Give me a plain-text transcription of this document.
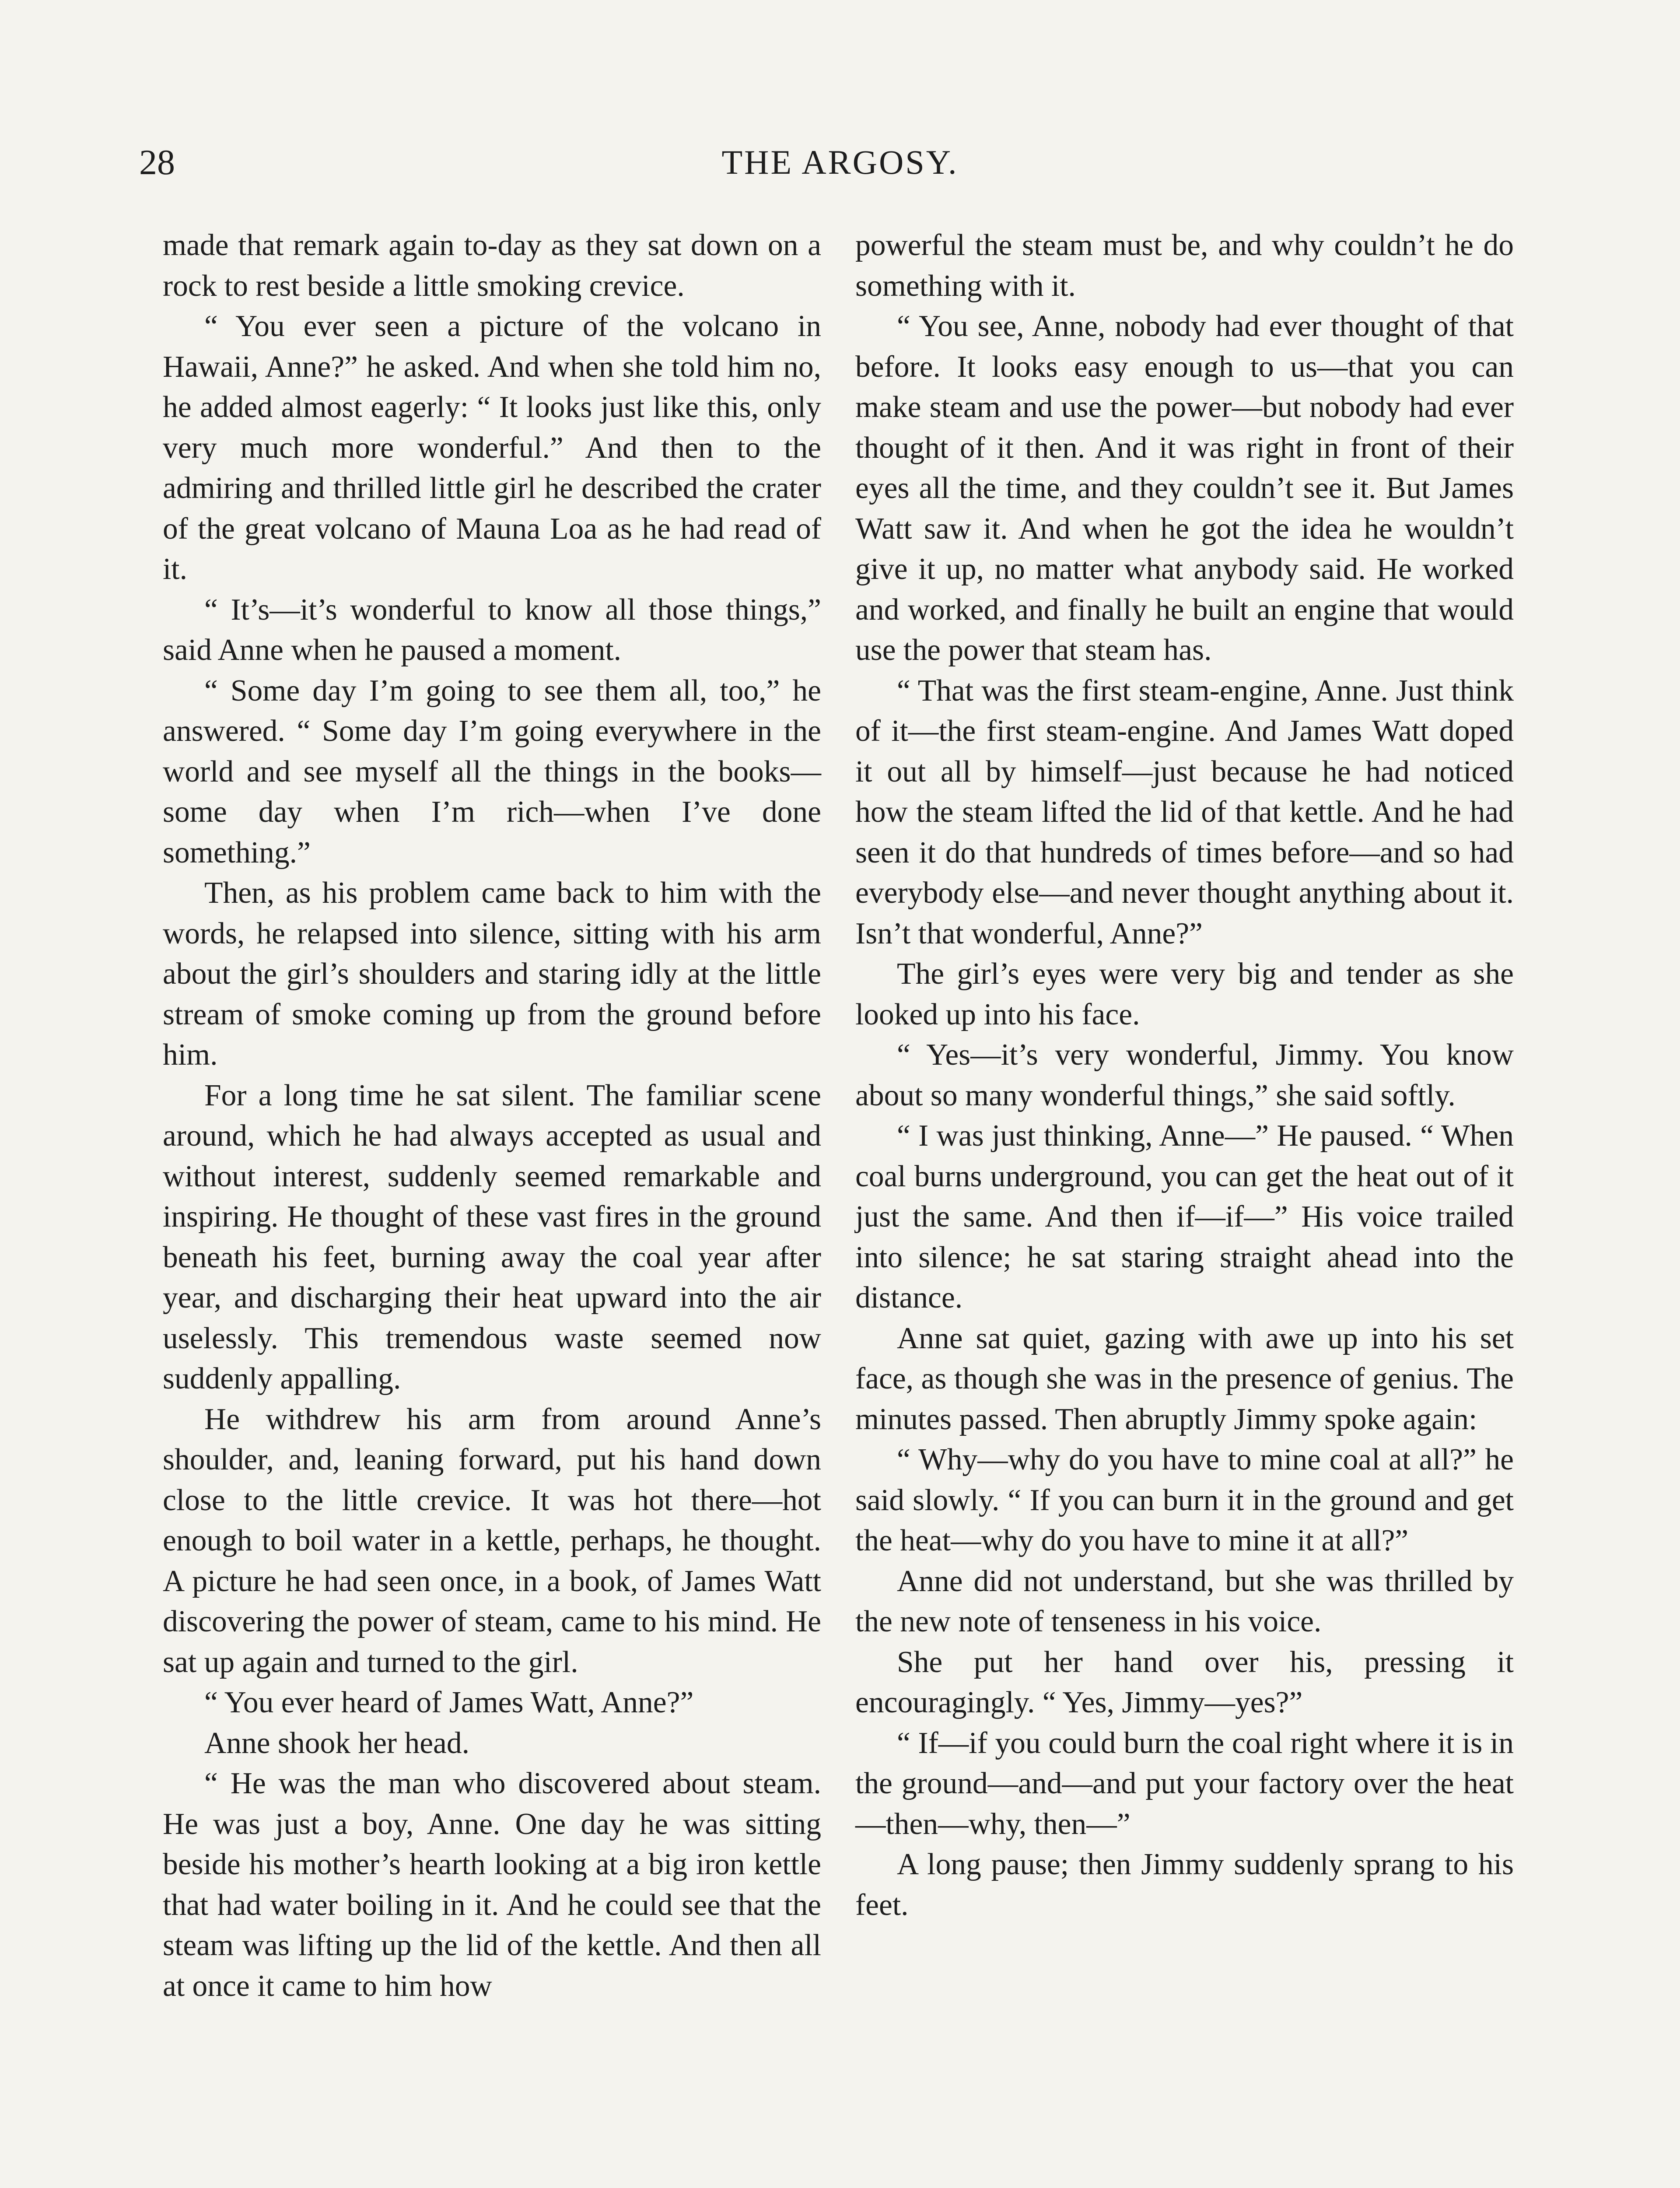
28	THE ARGOSY.

made that remark again to-day as they sat down on a rock to rest beside a little smoking crevice.

“ You ever seen a picture of the volcano in Hawaii, Anne?” he asked. And when she told him no, he added almost eagerly: “ It looks just like this, only very much more wonderful.” And then to the admiring and thrilled little girl he described the crater of the great volcano of Mauna Loa as he had read of it.

“ It’s—it’s wonderful to know all those things,” said Anne when he paused a moment.

“ Some day I’m going to see them all, too,” he answered. “ Some day I’m going everywhere in the world and see myself all the things in the books—some day when I’m rich—when I’ve done something.”

Then, as his problem came back to him with the words, he relapsed into silence, sitting with his arm about the girl’s shoulders and staring idly at the little stream of smoke coming up from the ground before him.

For a long time he sat silent. The familiar scene around, which he had always accepted as usual and without interest, suddenly seemed remarkable and inspiring. He thought of these vast fires in the ground beneath his feet, burning away the coal year after year, and discharging their heat upward into the air uselessly. This tremendous waste seemed now suddenly appalling.

He withdrew his arm from around Anne’s shoulder, and, leaning forward, put his hand down close to the little crevice. It was hot there—hot enough to boil water in a kettle, perhaps, he thought. A picture he had seen once, in a book, of James Watt discovering the power of steam, came to his mind. He sat up again and turned to the girl.

“ You ever heard of James Watt, Anne?”

Anne shook her head.

“ He was the man who discovered about steam. He was just a boy, Anne. One day he was sitting beside his mother’s hearth looking at a big iron kettle that had water boiling in it. And he could see that the steam was lifting up the lid of the kettle. And then all at once it came to him how

powerful the steam must be, and why couldn’t he do something with it.

“ You see, Anne, nobody had ever thought of that before. It looks easy enough to us—that you can make steam and use the power—but nobody had ever thought of it then. And it was right in front of their eyes all the time, and they couldn’t see it. But James Watt saw it. And when he got the idea he wouldn’t give it up, no matter what anybody said. He worked and worked, and finally he built an engine that would use the power that steam has.

“ That was the first steam-engine, Anne. Just think of it—the first steam-engine. And James Watt doped it out all by himself—just because he had noticed how the steam lifted the lid of that kettle. And he had seen it do that hundreds of times before—and so had everybody else—and never thought anything about it. Isn’t that wonderful, Anne?”

The girl’s eyes were very big and tender as she looked up into his face.

“ Yes—it’s very wonderful, Jimmy. You know about so many wonderful things,” she said softly.

“ I was just thinking, Anne—” He paused. “ When coal burns underground, you can get the heat out of it just the same. And then if—if—” His voice trailed into silence; he sat staring straight ahead into the distance.

Anne sat quiet, gazing with awe up into his set face, as though she was in the presence of genius. The minutes passed. Then abruptly Jimmy spoke again:

“ Why—why do you have to mine coal at all?” he said slowly. “ If you can burn it in the ground and get the heat—why do you have to mine it at all?”

Anne did not understand, but she was thrilled by the new note of tenseness in his voice.

She put her hand over his, pressing it encouragingly. “ Yes, Jimmy—yes?”

“ If—if you could burn the coal right where it is in the ground—and—and put your factory over the heat—then—why, then—”

A long pause; then Jimmy suddenly sprang to his feet.
